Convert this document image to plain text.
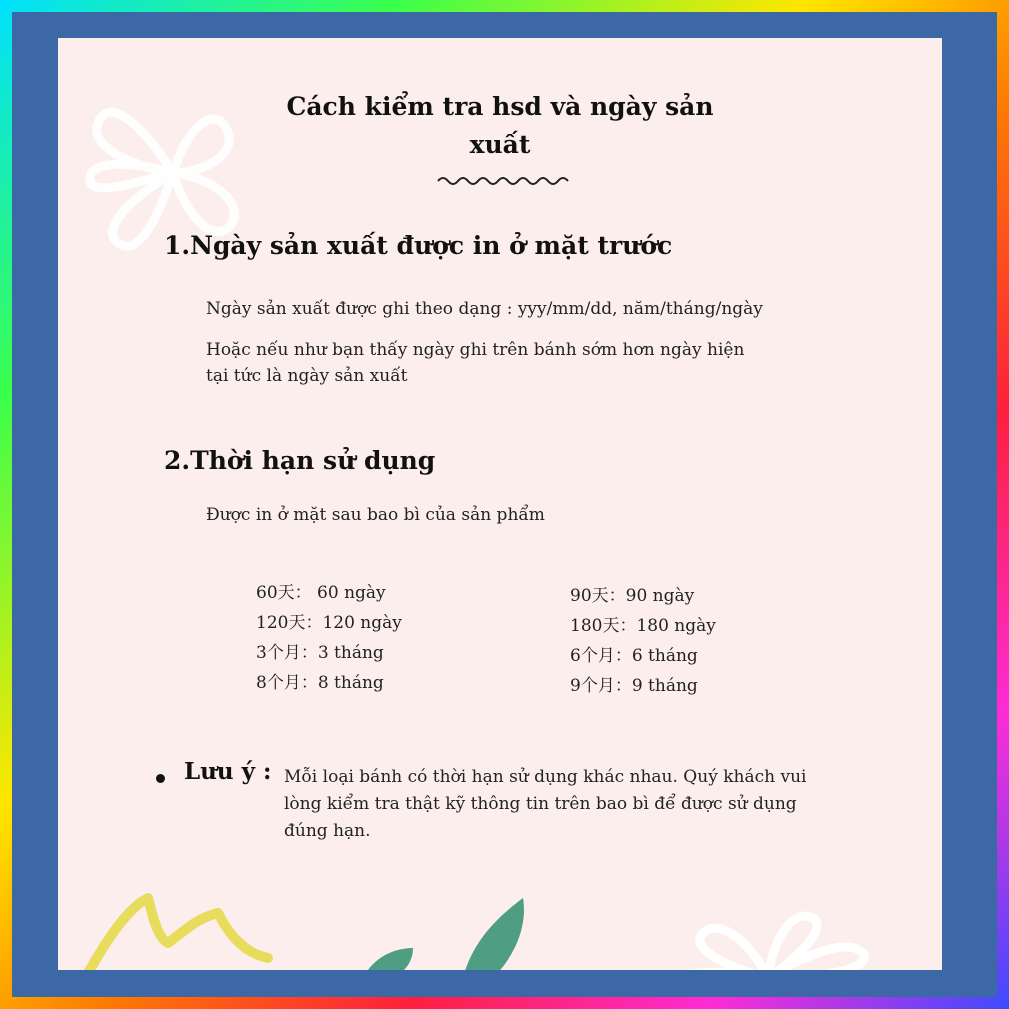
Cách kiểm tra hsd và ngày sản
xuất
1.Ngày sản xuất được in ở mặt trước

Ngày sản xuất được ghi theo dạng : yyy/mm/dd, năm/tháng/ngày

Hoặc nếu như bạn thấy ngày ghi trên bánh sớm hơn ngày hiện

tại tức là ngày sản xuất

2.Thời hạn sử dụng

Được in ở mặt sau bao bì của sản phẩm

60天： 60 ngày
120天：120 ngày
3个月：3 tháng
8个月：8 tháng
90天：90 ngày
180天：180 ngày
6个月：6 tháng
9个月：9 tháng
Lưu ý : Mỗi loại bánh có thời hạn sử dụng khác nhau. Quý khách vui lòng kiểm tra thật kỹ thông tin trên bao bì để được sử dụng đúng hạn.
